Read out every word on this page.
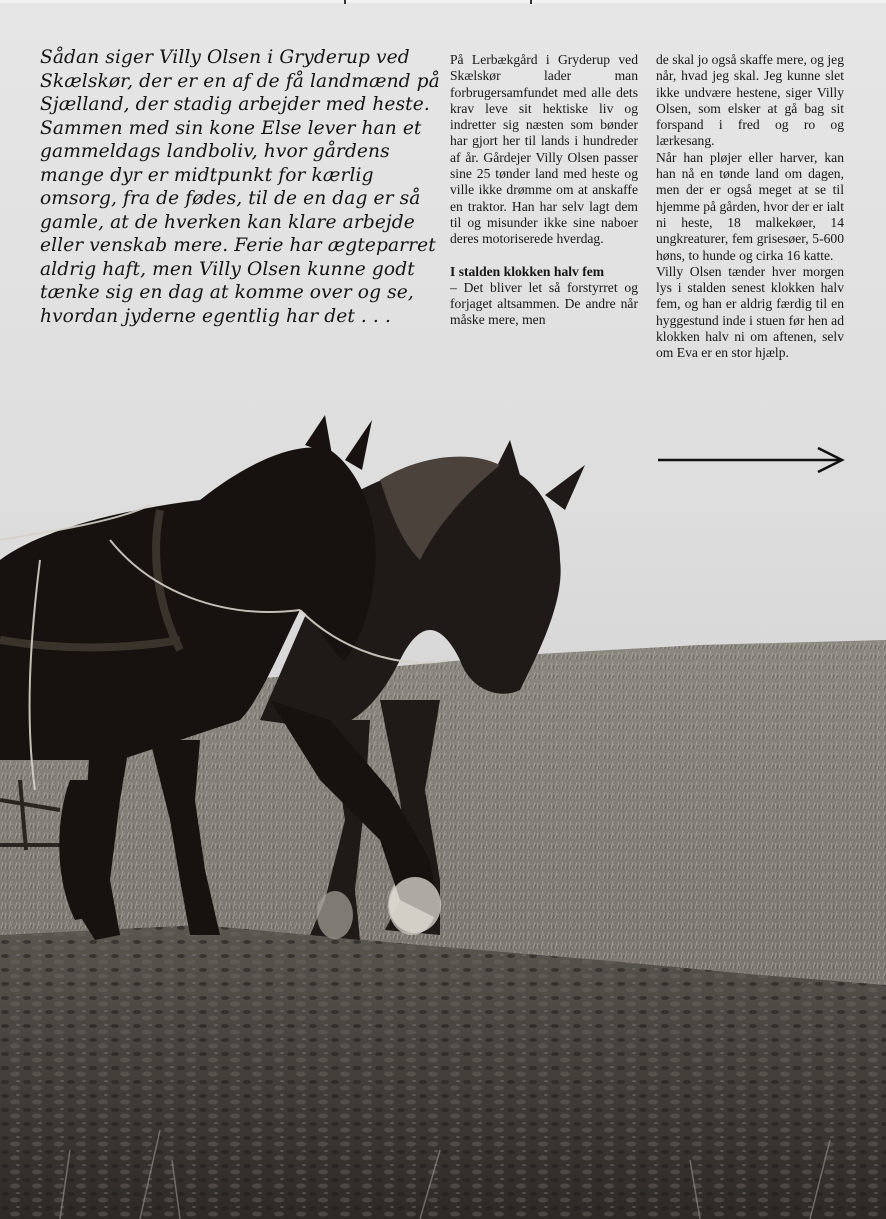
Sådan siger Villy Olsen i Gryderup ved Skælskør, der er en af de få landmænd på Sjælland, der stadig arbejder med heste. Sammen med sin kone Else lever han et gammeldags landboliv, hvor gårdens mange dyr er midtpunkt for kærlig omsorg, fra de fødes, til de en dag er så gamle, at de hverken kan klare arbejde eller venskab mere. Ferie har ægteparret aldrig haft, men Villy Olsen kunne godt tænke sig en dag at komme over og se, hvordan jyderne egentlig har det . . .

På Lerbækgård i Gryderup ved Skælskør lader man forbrugersamfundet med alle dets krav leve sit hektiske liv og indretter sig næsten som bønder har gjort her til lands i hundreder af år. Gårdejer Villy Olsen passer sine 25 tønder land med heste og ville ikke drømme om at anskaffe en traktor. Han har selv lagt dem til og misunder ikke sine naboer deres motoriserede hverdag.

I stalden klokken halv fem

– Det bliver let så forstyrret og forjaget altsammen. De andre når måske mere, men

de skal jo også skaffe mere, og jeg når, hvad jeg skal. Jeg kunne slet ikke undvære hestene, siger Villy Olsen, som elsker at gå bag sit forspand i fred og ro og lærkesang.

Når han pløjer eller harver, kan han nå en tønde land om dagen, men der er også meget at se til hjemme på gården, hvor der er ialt ni heste, 18 malkekøer, 14 ungkreaturer, fem grisesøer, 5-600 høns, to hunde og cirka 16 katte.

Villy Olsen tænder hver morgen lys i stalden senest klokken halv fem, og han er aldrig færdig til en hyggestund inde i stuen før hen ad klokken halv ni om aftenen, selv om Eva er en stor hjælp.
